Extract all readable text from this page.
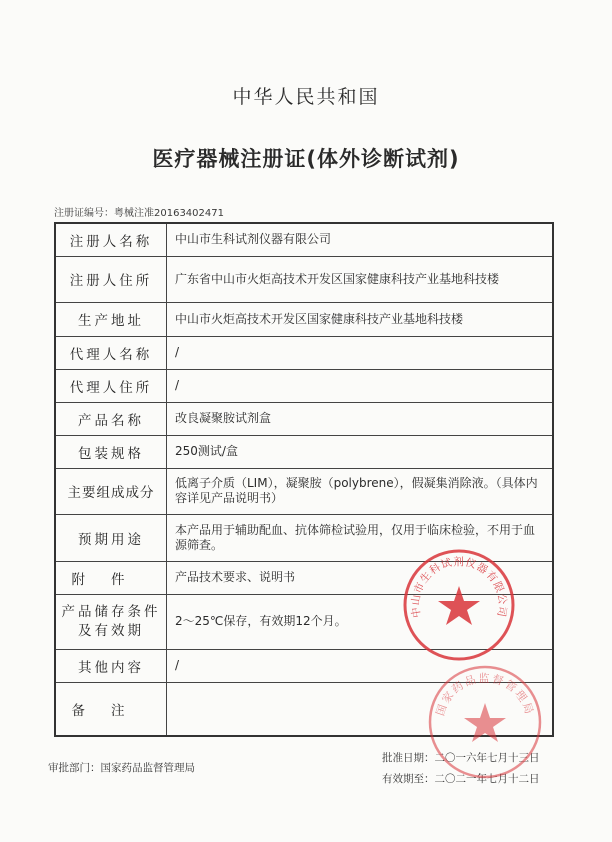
中华人民共和国
医疗器械注册证(体外诊断试剂)
注册证编号：粤械注准20163402471
注册人名称	中山市生科试剂仪器有限公司
注册人住所	广东省中山市火炬高技术开发区国家健康科技产业基地科技楼
生产地址	中山市火炬高技术开发区国家健康科技产业基地科技楼
代理人名称	/
代理人住所	/
产品名称	改良凝聚胺试剂盒
包装规格	250测试/盒
主要组成成分	低离子介质（LIM），凝聚胺（polybrene），假凝集消除液。（具体内容详见产品说明书）
预期用途	本产品用于辅助配血、抗体筛检试验用，仅用于临床检验，不用于血源筛查。
附件	产品技术要求、说明书
产品储存条件及有效期	2～25℃保存，有效期12个月。
其他内容	/
备注	
审批部门：国家药品监督管理局
批准日期：二〇一六年七月十三日
有效期至：二〇二一年七月十二日
中山市生科试剂仪器有限公司
国家药品监督管理局
